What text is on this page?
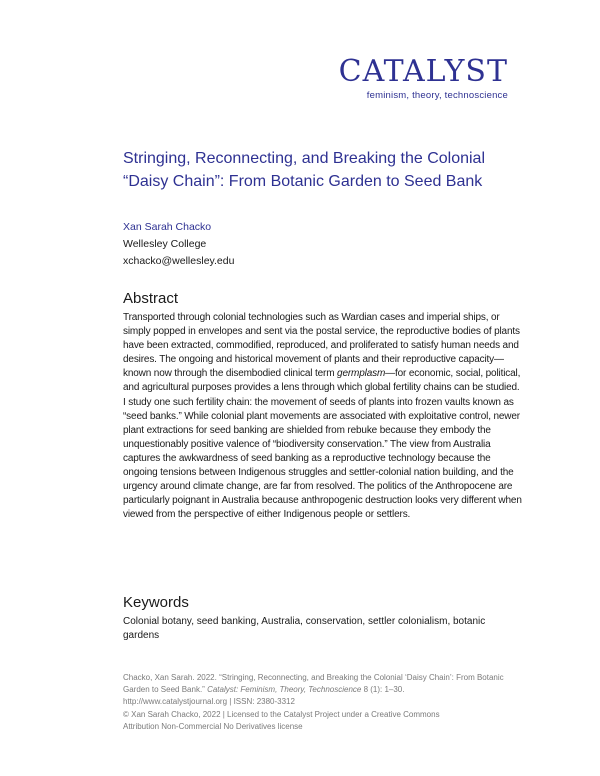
CATALYST
feminism, theory, technoscience
Stringing, Reconnecting, and Breaking the Colonial
“Daisy Chain”: From Botanic Garden to Seed Bank
Xan Sarah Chacko
Wellesley College
xchacko@wellesley.edu
Abstract
Transported through colonial technologies such as Wardian cases and imperial ships, or simply popped in envelopes and sent via the postal service, the reproductive bodies of plants have been extracted, commodified, reproduced, and proliferated to satisfy human needs and desires. The ongoing and historical movement of plants and their reproductive capacity—known now through the disembodied clinical term germplasm—for economic, social, political, and agricultural purposes provides a lens through which global fertility chains can be studied. I study one such fertility chain: the movement of seeds of plants into frozen vaults known as “seed banks.” While colonial plant movements are associated with exploitative control, newer plant extractions for seed banking are shielded from rebuke because they embody the unquestionably positive valence of “biodiversity conservation.” The view from Australia captures the awkwardness of seed banking as a reproductive technology because the ongoing tensions between Indigenous struggles and settler-colonial nation building, and the urgency around climate change, are far from resolved. The politics of the Anthropocene are particularly poignant in Australia because anthropogenic destruction looks very different when viewed from the perspective of either Indigenous people or settlers.
Keywords
Colonial botany, seed banking, Australia, conservation, settler colonialism, botanic gardens
Chacko, Xan Sarah. 2022. “Stringing, Reconnecting, and Breaking the Colonial ‘Daisy Chain’: From Botanic Garden to Seed Bank.” Catalyst: Feminism, Theory, Technoscience 8 (1): 1–30.
http://www.catalystjournal.org | ISSN: 2380-3312
© Xan Sarah Chacko, 2022 | Licensed to the Catalyst Project under a Creative Commons
Attribution Non-Commercial No Derivatives license
